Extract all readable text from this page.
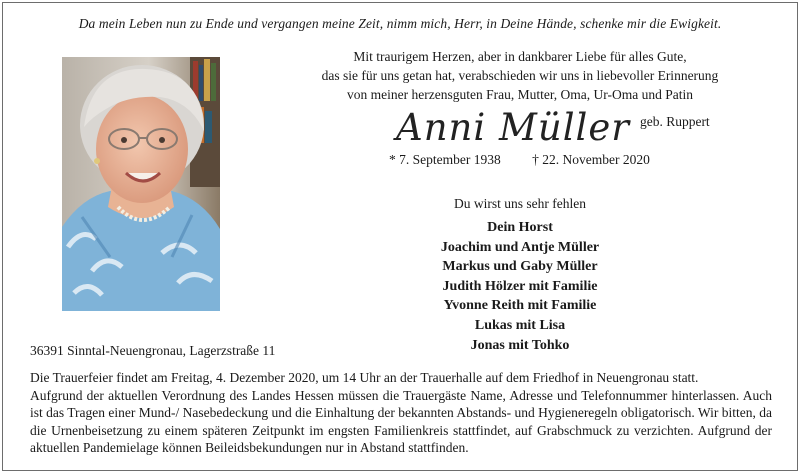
Da mein Leben nun zu Ende und vergangen meine Zeit, nimm mich, Herr, in Deine Hände, schenke mir die Ewigkeit.
Mit traurigem Herzen, aber in dankbarer Liebe für alles Gute,
das sie für uns getan hat, verabschieden wir uns in liebevoller Erinnerung
von meiner herzensguten Frau, Mutter, Oma, Ur-Oma und Patin
Anni Müller $^{geb. Ruppert}$
* 7. September 1938 † 22. November 2020
Du wirst uns sehr fehlen
Dein Horst
Joachim und Antje Müller
Markus und Gaby Müller
Judith Hölzer mit Familie
Yvonne Reith mit Familie
Lukas mit Lisa
Jonas mit Tohko
36391 Sinntal-Neuengronau, Lagerzstraße 11

Die Trauerfeier findet am Freitag, 4. Dezember 2020, um 14 Uhr an der Trauerhalle auf dem Friedhof in Neuengronau statt.

Aufgrund der aktuellen Verordnung des Landes Hessen müssen die Trauergäste Name, Adresse und Telefonnummer hinterlassen. Auch ist das Tragen einer Mund-/ Nasebedeckung und die Einhaltung der bekannten Abstands- und Hygieneregeln obligatorisch. Wir bitten, da die Urnenbeisetzung zu einem späteren Zeitpunkt im engsten Familienkreis stattfindet, auf Grabschmuck zu verzichten. Aufgrund der aktuellen Pandemielage können Beileidsbekundungen nur in Abstand stattfinden.
